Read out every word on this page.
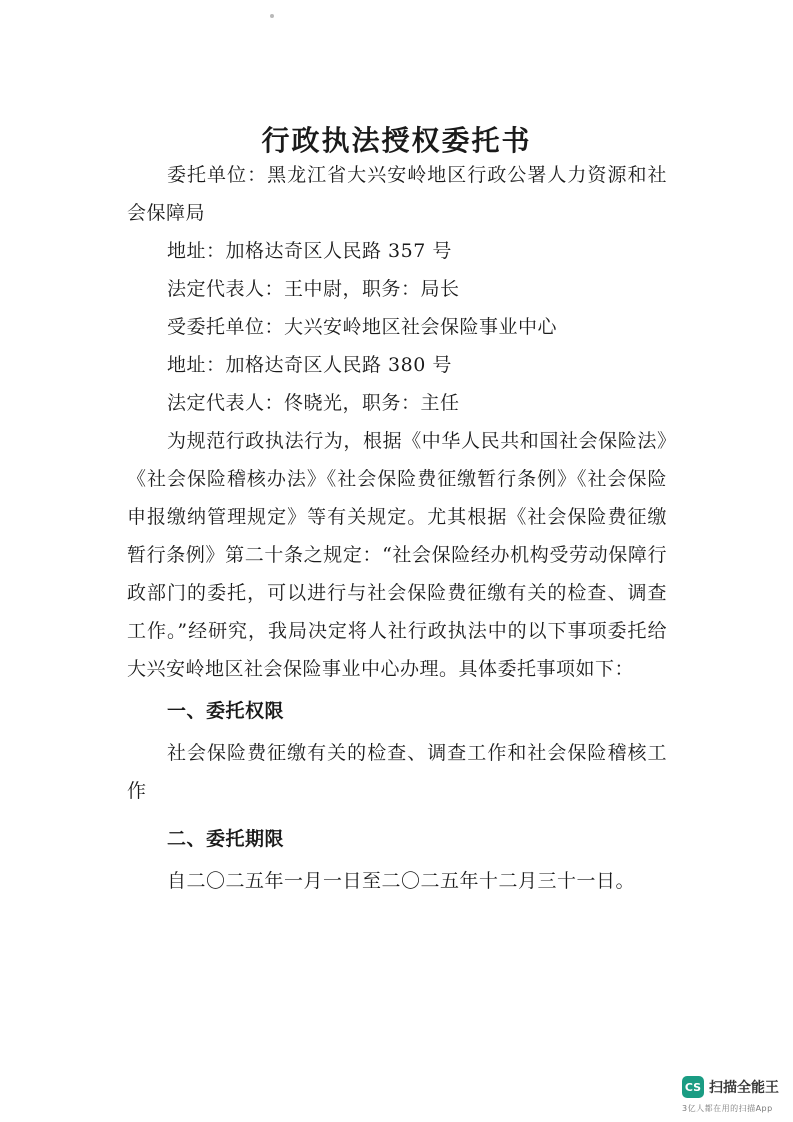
行政执法授权委托书

委托单位：黑龙江省大兴安岭地区行政公署人力资源和社会保障局

地址：加格达奇区人民路 357 号

法定代表人：王中尉，职务：局长

受委托单位：大兴安岭地区社会保险事业中心

地址：加格达奇区人民路 380 号

法定代表人：佟晓光，职务：主任

为规范行政执法行为，根据《中华人民共和国社会保险法》《社会保险稽核办法》《社会保险费征缴暂行条例》《社会保险申报缴纳管理规定》等有关规定。尤其根据《社会保险费征缴暂行条例》第二十条之规定：“社会保险经办机构受劳动保障行政部门的委托，可以进行与社会保险费征缴有关的检查、调查工作。”经研究，我局决定将人社行政执法中的以下事项委托给大兴安岭地区社会保险事业中心办理。具体委托事项如下：

一、委托权限

社会保险费征缴有关的检查、调查工作和社会保险稽核工作

二、委托期限

自二〇二五年一月一日至二〇二五年十二月三十一日。

CS 扫描全能王
3亿人都在用的扫描App
